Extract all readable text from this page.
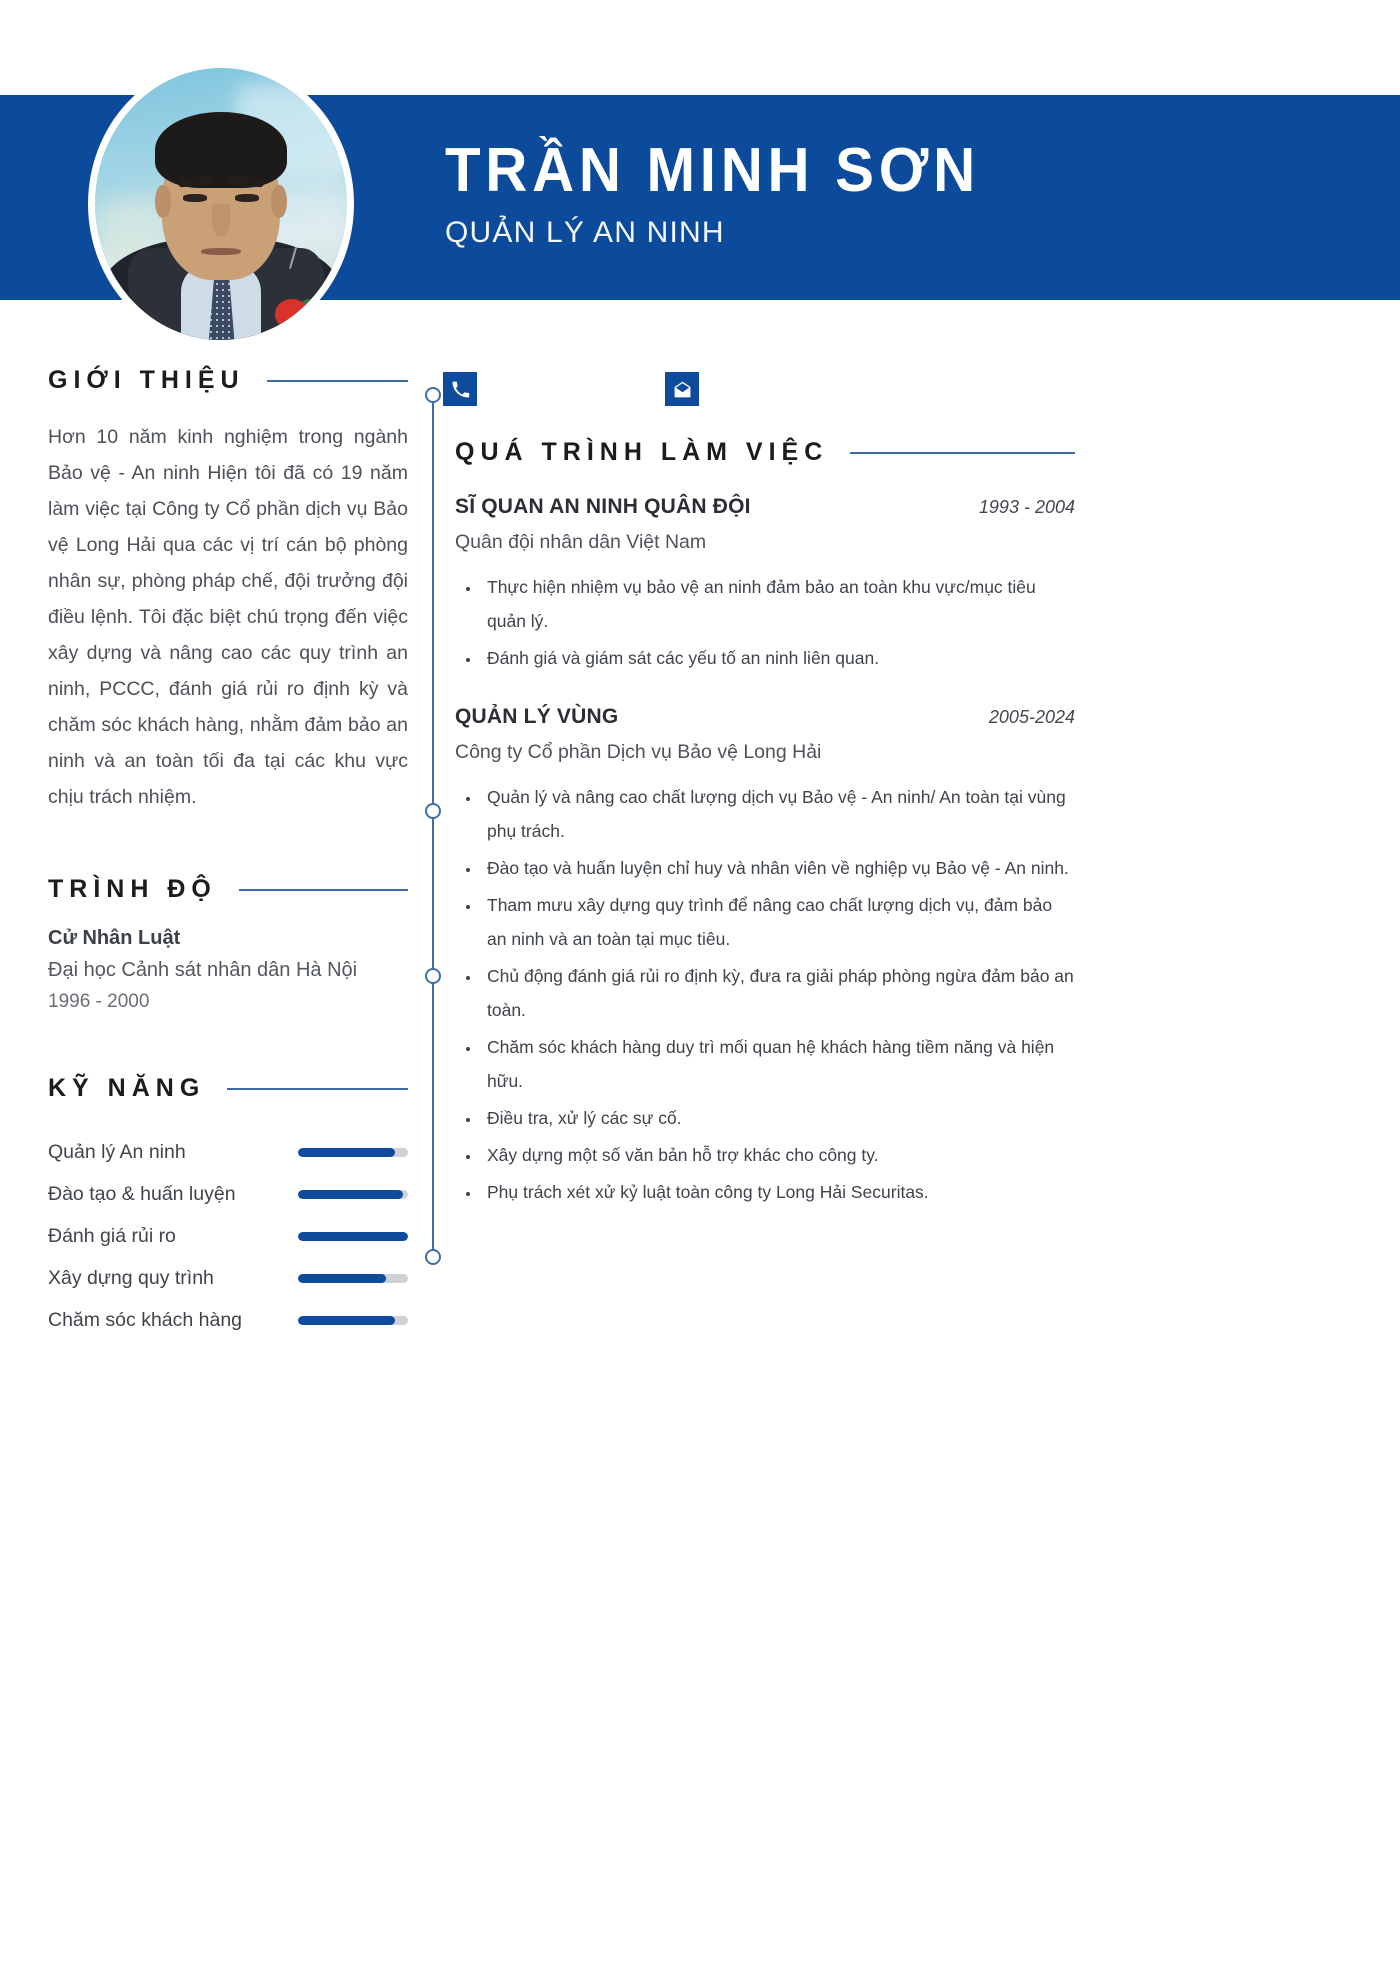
TRẦN MINH SƠN

QUẢN LÝ AN NINH

GIỚI THIỆU

Hơn 10 năm kinh nghiệm trong ngành Bảo vệ - An ninh Hiện tôi đã có 19 năm làm việc tại Công ty Cổ phần dịch vụ Bảo vệ Long Hải qua các vị trí cán bộ phòng nhân sự, phòng pháp chế, đội trưởng đội điều lệnh. Tôi đặc biệt chú trọng đến việc xây dựng và nâng cao các quy trình an ninh, PCCC, đánh giá rủi ro định kỳ và chăm sóc khách hàng, nhằm đảm bảo an ninh và an toàn tối đa tại các khu vực chịu trách nhiệm.

TRÌNH ĐỘ
Cử Nhân Luật
Đại học Cảnh sát nhân dân Hà Nội
1996 - 2000
KỸ NĂNG
Quản lý An ninh
Đào tạo & huấn luyện
Đánh giá rủi ro
Xây dựng quy trình
Chăm sóc khách hàng
QUÁ TRÌNH LÀM VIỆC
SĨ QUAN AN NINH QUÂN ĐỘI	1993 - 2004
Quân đội nhân dân Việt Nam
• Thực hiện nhiệm vụ bảo vệ an ninh đảm bảo an toàn khu vực/mục tiêu quản lý.
• Đánh giá và giám sát các yếu tố an ninh liên quan.
QUẢN LÝ VÙNG	2005-2024
Công ty Cổ phần Dịch vụ Bảo vệ Long Hải
• Quản lý và nâng cao chất lượng dịch vụ Bảo vệ - An ninh/ An toàn tại vùng phụ trách.
• Đào tạo và huấn luyện chỉ huy và nhân viên về nghiệp vụ Bảo vệ - An ninh.
• Tham mưu xây dựng quy trình để nâng cao chất lượng dịch vụ, đảm bảo an ninh và an toàn tại mục tiêu.
• Chủ động đánh giá rủi ro định kỳ, đưa ra giải pháp phòng ngừa đảm bảo an toàn.
• Chăm sóc khách hàng duy trì mối quan hệ khách hàng tiềm năng và hiện hữu.
• Điều tra, xử lý các sự cố.
• Xây dựng một số văn bản hỗ trợ khác cho công ty.
• Phụ trách xét xử kỷ luật toàn công ty Long Hải Securitas.
